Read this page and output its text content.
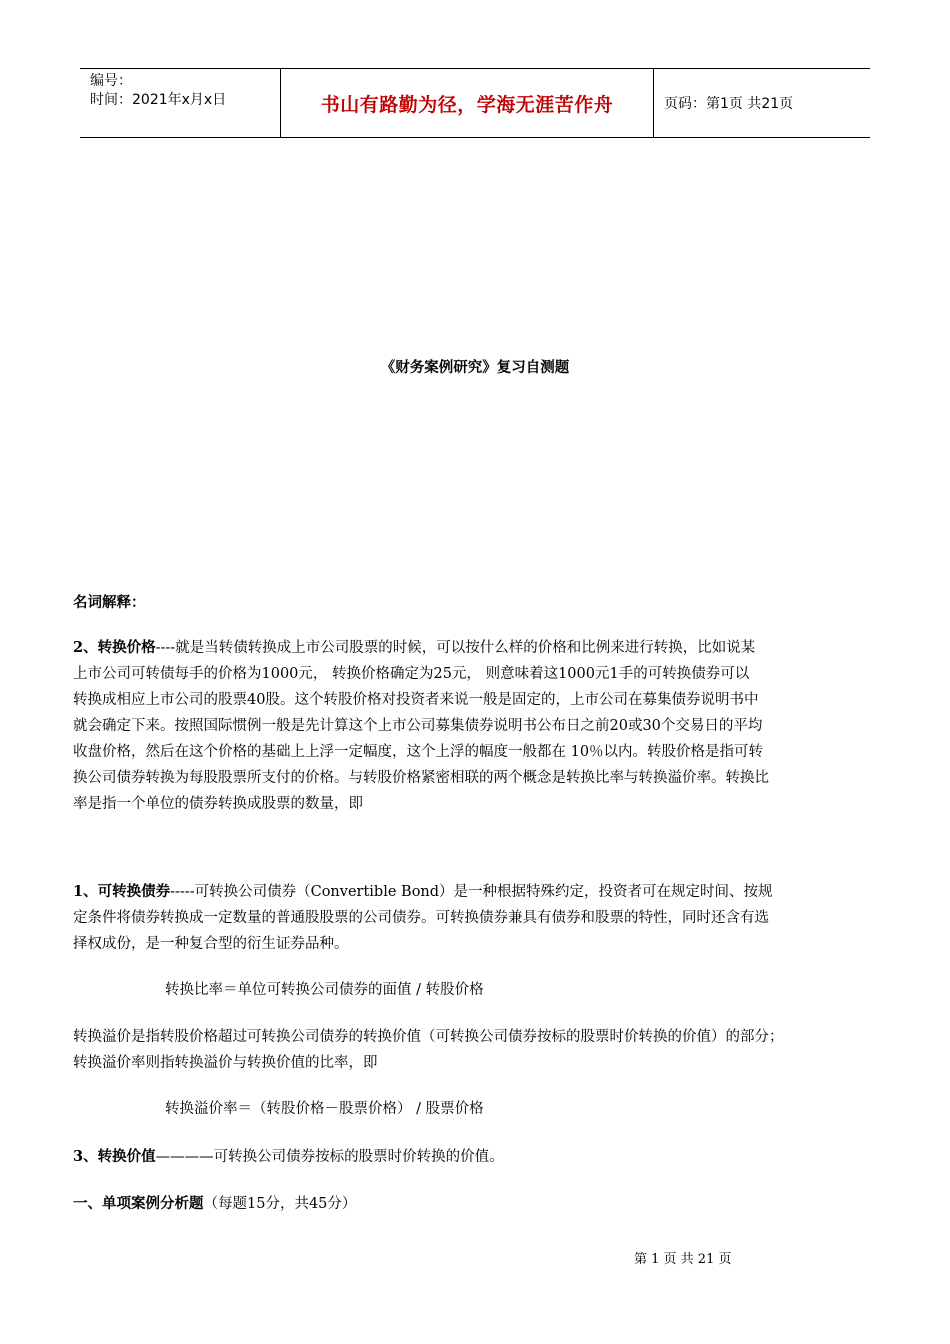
编号：
时间：2021年x月x日	书山有路勤为径，学海无涯苦作舟	页码：第1页 共21页
《财务案例研究》复习自测题
名词解释：
2、转换价格----就是当转债转换成上市公司股票的时候，可以按什么样的价格和比例来进行转换，比如说某
上市公司可转债每手的价格为1000元， 转换价格确定为25元， 则意味着这1000元1手的可转换债券可以
转换成相应上市公司的股票40股。这个转股价格对投资者来说一般是固定的，上市公司在募集债券说明书中
就会确定下来。按照国际惯例一般是先计算这个上市公司募集债券说明书公布日之前20或30个交易日的平均
收盘价格，然后在这个价格的基础上上浮一定幅度，这个上浮的幅度一般都在 10％以内。转股价格是指可转
换公司债券转换为每股股票所支付的价格。与转股价格紧密相联的两个概念是转换比率与转换溢价率。转换比
率是指一个单位的债券转换成股票的数量，即
1、可转换债券-----可转换公司债券（Convertible Bond）是一种根据特殊约定，投资者可在规定时间、按规
定条件将债券转换成一定数量的普通股股票的公司债券。可转换债券兼具有债券和股票的特性，同时还含有选
择权成份，是一种复合型的衍生证券品种。
转换比率＝单位可转换公司债券的面值 / 转股价格
转换溢价是指转股价格超过可转换公司债券的转换价值（可转换公司债券按标的股票时价转换的价值）的部分；
转换溢价率则指转换溢价与转换价值的比率，即
转换溢价率＝（转股价格－股票价格） / 股票价格
3、转换价值————可转换公司债券按标的股票时价转换的价值。
一、单项案例分析题（每题15分，共45分）
第 1 页 共 21 页
